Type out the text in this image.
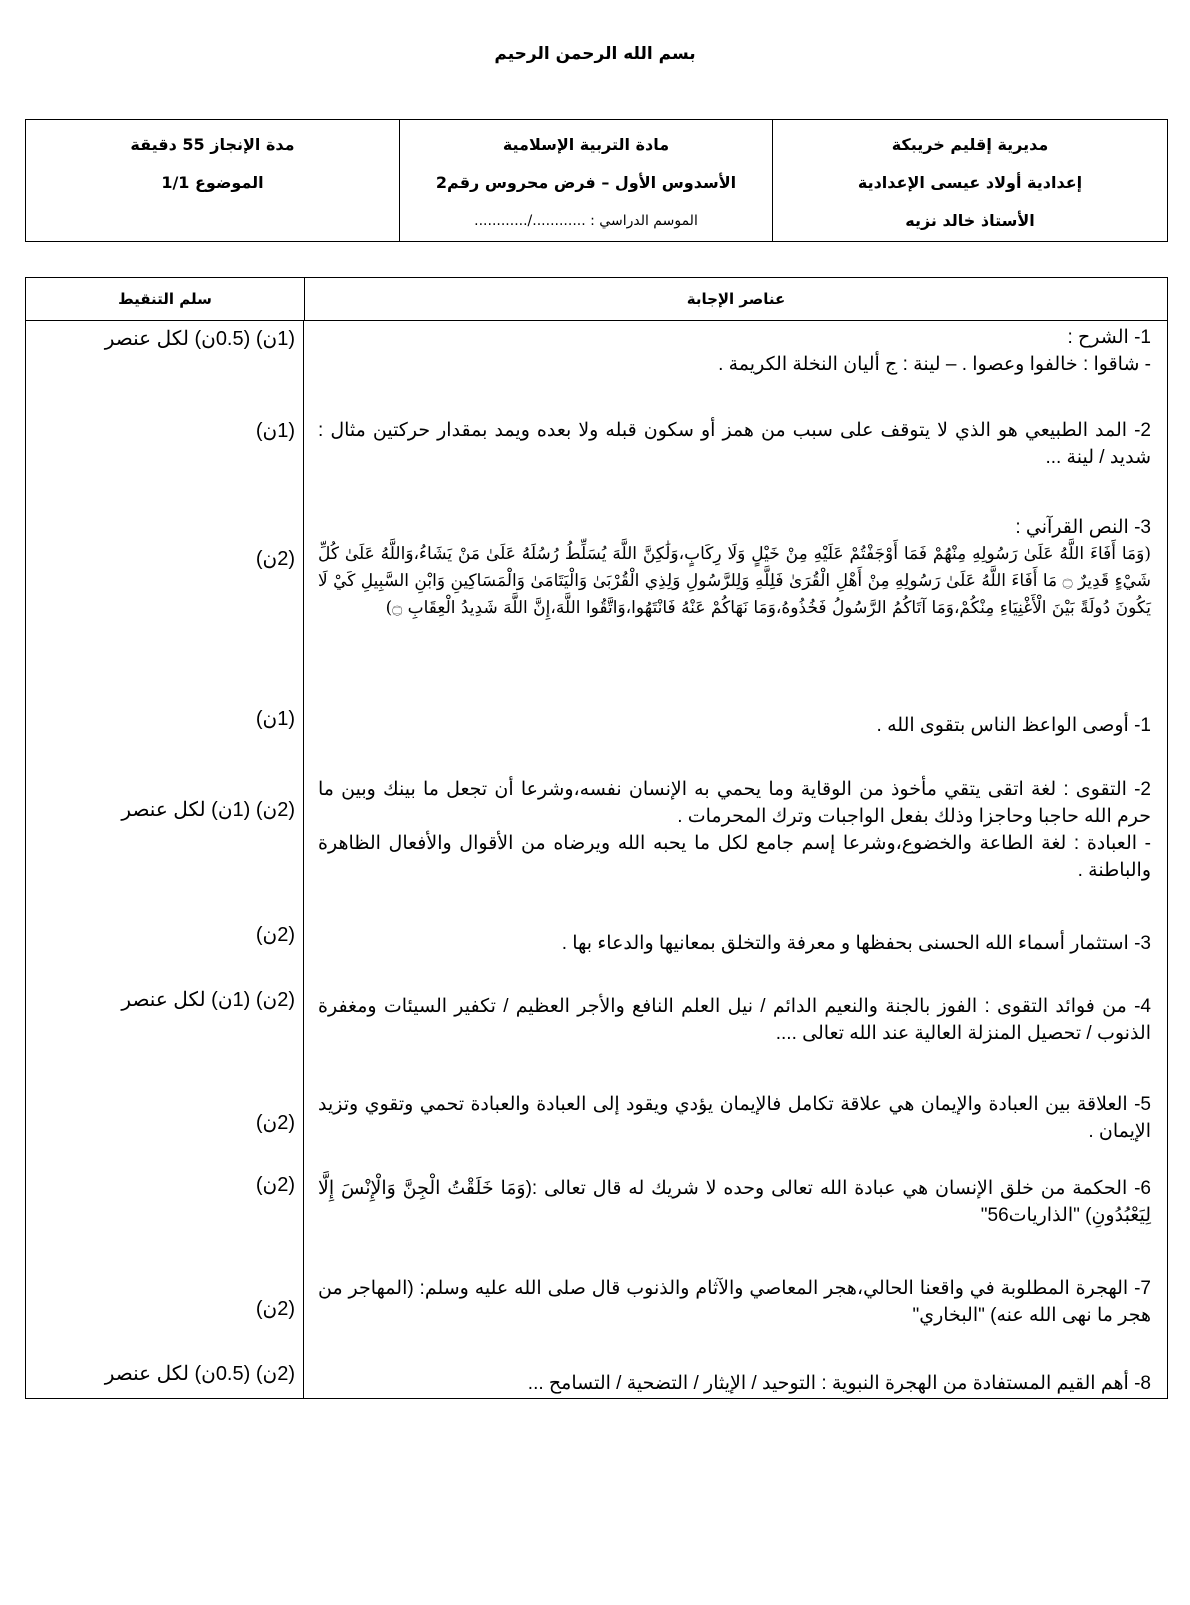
بسم الله الرحمن الرحيم
مديرية إقليم خريبكة
إعدادية أولاد عيسى الإعدادية
الأستاذ خالد نزيه
مادة التربية الإسلامية
الأسدوس الأول – فرض محروس رقم2
الموسم الدراسي : ............/............
مدة الإنجاز 55 دقيقة
الموضوع 1/1
عناصر الإجابة
سلم التنقيط
1- الشرح :
- شاقوا : خالفوا وعصوا . – لينة : ج أليان النخلة الكريمة .
(1ن) (0.5ن) لكل عنصر
2- المد الطبيعي هو الذي لا يتوقف على سبب من همز أو سكون قبله ولا بعده ويمد بمقدار حركتين مثال : شديد / لينة ...
(1ن)
3- النص القرآني :
(وَمَا أَفَاءَ اللَّهُ عَلَىٰ رَسُولِهِ مِنْهُمْ فَمَا أَوْجَفْتُمْ عَلَيْهِ مِنْ خَيْلٍ وَلَا رِكَابٍ،وَلَٰكِنَّ اللَّهَ يُسَلِّطُ رُسُلَهُ عَلَىٰ مَنْ يَشَاءُ،وَاللَّهُ عَلَىٰ كُلِّ شَيْءٍ قَدِيرٌ ۝ مَا أَفَاءَ اللَّهُ عَلَىٰ رَسُولِهِ مِنْ أَهْلِ الْقُرَىٰ فَلِلَّهِ وَلِلرَّسُولِ وَلِذِي الْقُرْبَىٰ وَالْيَتَامَىٰ وَالْمَسَاكِينِ وَابْنِ السَّبِيلِ كَيْ لَا يَكُونَ دُولَةً بَيْنَ الْأَغْنِيَاءِ مِنْكُمْ،وَمَا آتَاكُمُ الرَّسُولُ فَخُذُوهُ،وَمَا نَهَاكُمْ عَنْهُ فَانْتَهُوا،وَاتَّقُوا اللَّهَ،إِنَّ اللَّهَ شَدِيدُ الْعِقَابِ ۝)
(2ن)
1- أوصى الواعظ الناس بتقوى الله .
(1ن)
2- التقوى : لغة اتقى يتقي مأخوذ من الوقاية وما يحمي به الإنسان نفسه،وشرعا أن تجعل ما بينك وبين ما حرم الله حاجبا وحاجزا وذلك بفعل الواجبات وترك المحرمات .
- العبادة : لغة الطاعة والخضوع،وشرعا إسم جامع لكل ما يحبه الله ويرضاه من الأقوال والأفعال الظاهرة والباطنة .
(2ن) (1ن) لكل عنصر
3- استثمار أسماء الله الحسنى بحفظها و معرفة والتخلق بمعانيها والدعاء بها .
(2ن)
4- من فوائد التقوى : الفوز بالجنة والنعيم الدائم / نيل العلم النافع والأجر العظيم / تكفير السيئات ومغفرة الذنوب / تحصيل المنزلة العالية عند الله تعالى ....
(2ن) (1ن) لكل عنصر
5- العلاقة بين العبادة والإيمان هي علاقة تكامل فالإيمان يؤدي ويقود إلى العبادة والعبادة تحمي وتقوي وتزيد الإيمان .
(2ن)
6- الحكمة من خلق الإنسان هي عبادة الله تعالى وحده لا شريك له قال تعالى :(وَمَا خَلَقْتُ الْجِنَّ وَالْإِنْسَ إِلَّا لِيَعْبُدُونِ) "الذاريات56"
(2ن)
7- الهجرة المطلوبة في واقعنا الحالي،هجر المعاصي والآثام والذنوب قال صلى الله عليه وسلم: (المهاجر من هجر ما نهى الله عنه) "البخاري"
(2ن)
8- أهم القيم المستفادة من الهجرة النبوية : التوحيد / الإيثار / التضحية / التسامح ...
(2ن) (0.5ن) لكل عنصر
